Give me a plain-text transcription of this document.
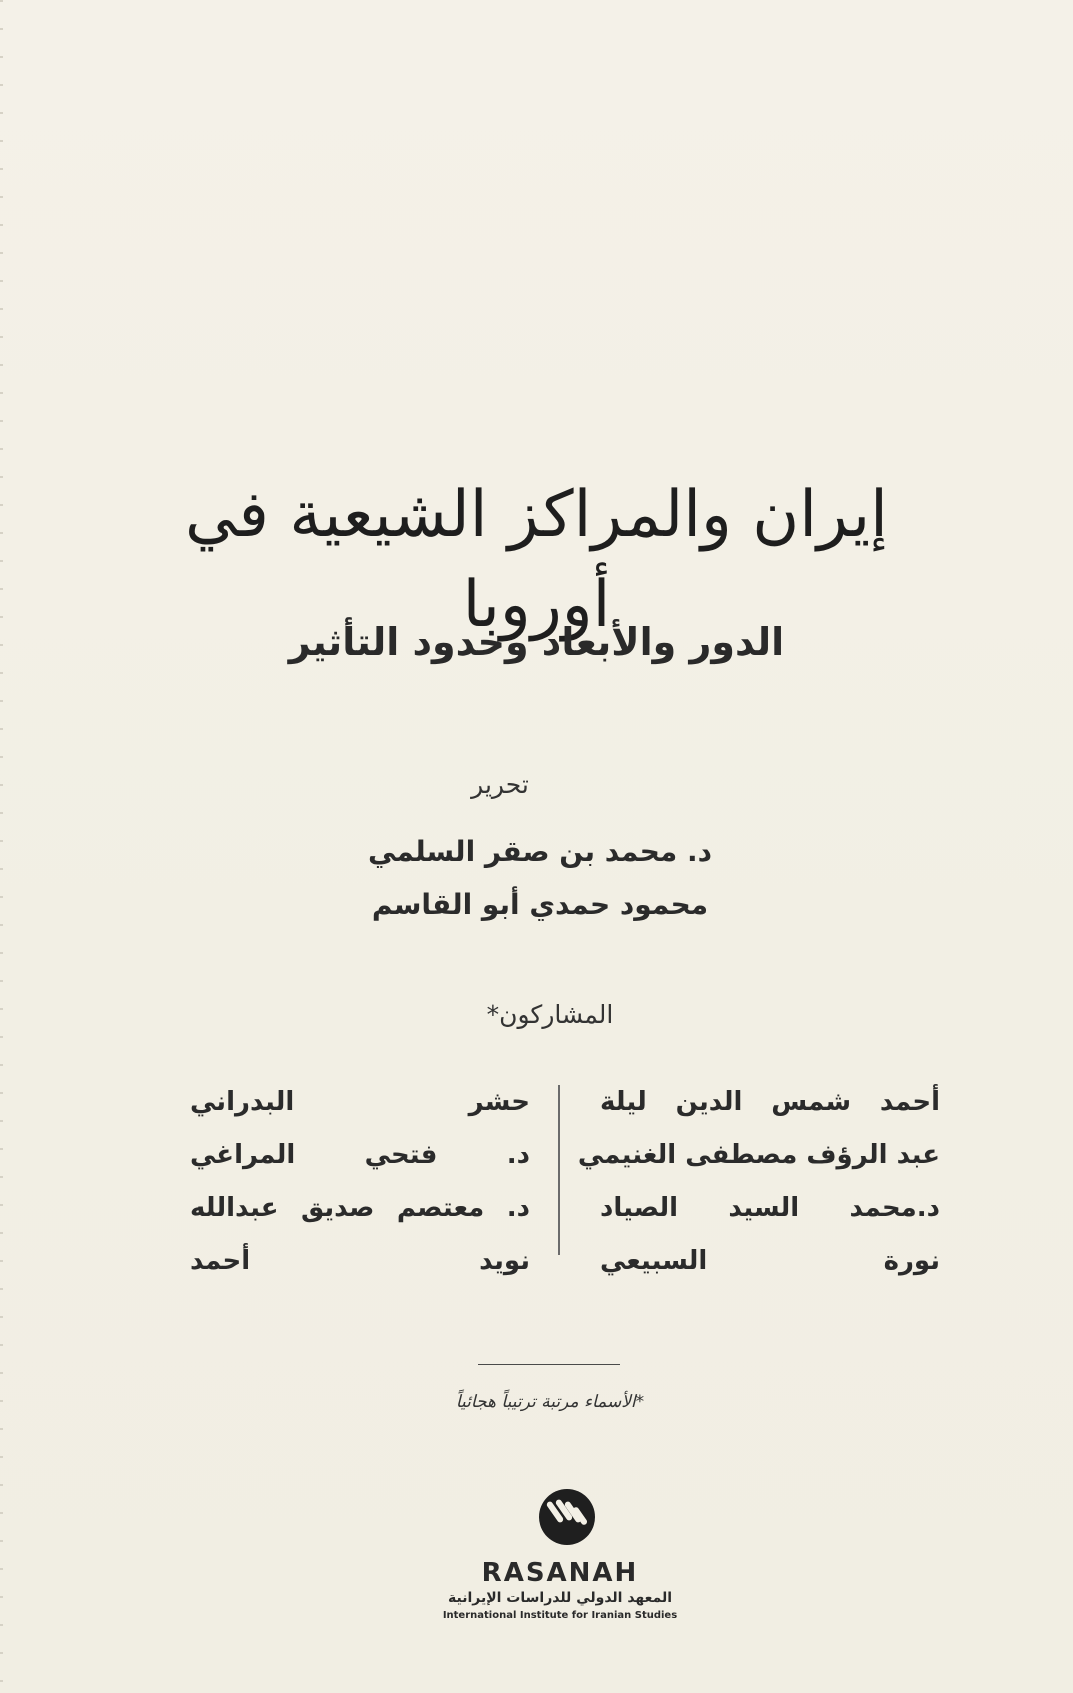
إيران والمراكز الشيعية في أوروبا
الدور والأبعاد وحدود التأثير
تحرير
د. محمد بن صقر السلمي
محمود حمدي أبو القاسم
المشاركون*
أحمد شمس الدين ليلة
عبد الرؤف مصطفى الغنيمي
د.محمد السيد الصياد
نورة السبيعي
حشر البدراني
د. فتحي المراغي
د. معتصم صديق عبدالله
نويد أحمد
*الأسماء مرتبة ترتيباً هجائياً
RASANAH
المعهد الدولي للدراسات الإيرانية
International Institute for Iranian Studies
